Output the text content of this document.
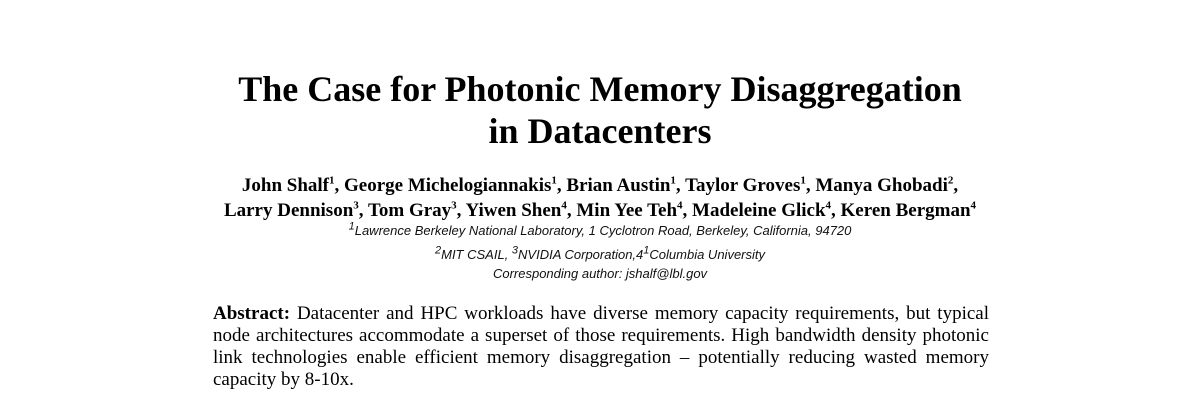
The Case for Photonic Memory Disaggregation
in Datacenters
John Shalf$^1$, George Michelogiannakis$^1$, Brian Austin$^1$, Taylor Groves$^1$, Manya Ghobadi$^2$,
Larry Dennison$^3$, Tom Gray$^3$, Yiwen Shen$^4$, Min Yee Teh$^4$, Madeleine Glick$^4$, Keren Bergman$^4$
$^1$Lawrence Berkeley National Laboratory, 1 Cyclotron Road, Berkeley, California, 94720
$^2$MIT CSAIL, $^3$NVIDIA $Corporation,4^1Columbia$ University
Corresponding author: jshalf@lbl.gov
Abstract: Datacenter and HPC workloads have diverse memory capacity requirements, but typical node architectures accommodate a superset of those requirements. High bandwidth density photonic link technologies enable efficient memory disaggregation – potentially reducing wasted memory capacity by 8-10x.
